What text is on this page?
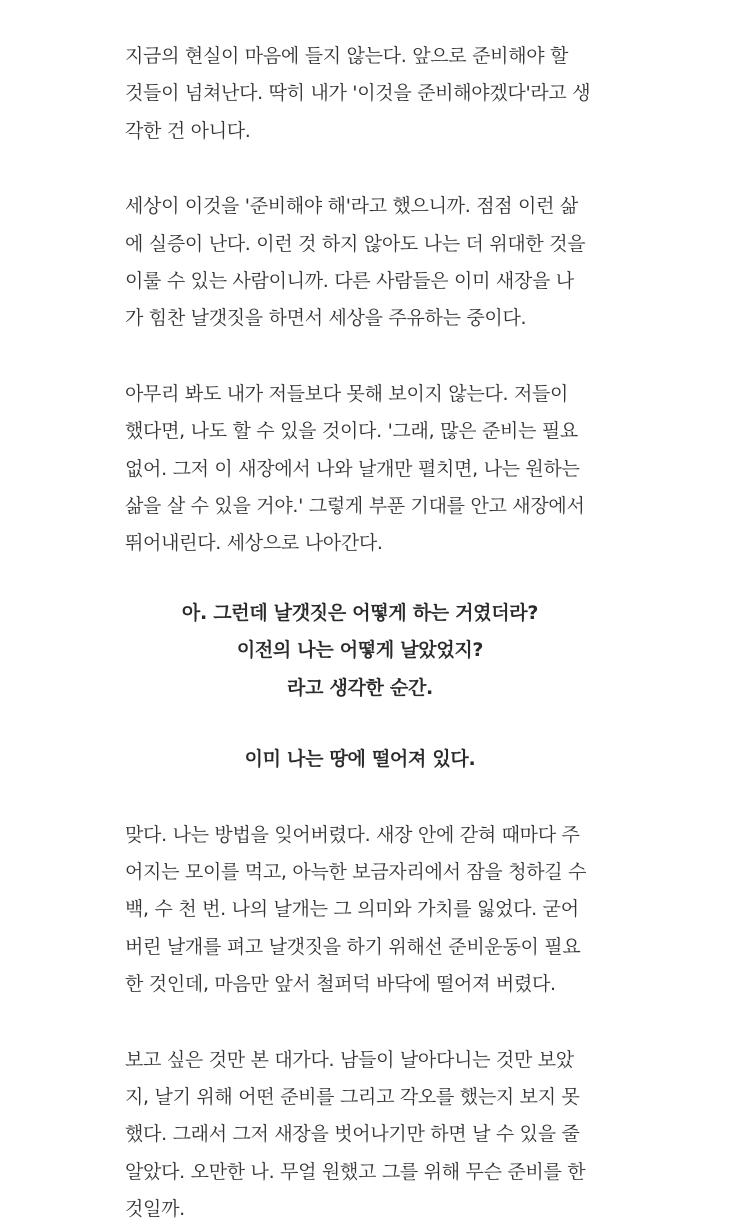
지금의 현실이 마음에 들지 않는다. 앞으로 준비해야 할
것들이 넘쳐난다. 딱히 내가 '이것을 준비해야겠다'라고 생
각한 건 아니다.
세상이 이것을 '준비해야 해'라고 했으니까. 점점 이런 삶
에 실증이 난다. 이런 것 하지 않아도 나는 더 위대한 것을
이룰 수 있는 사람이니까. 다른 사람들은 이미 새장을 나
가 힘찬 날갯짓을 하면서 세상을 주유하는 중이다.
아무리 봐도 내가 저들보다 못해 보이지 않는다. 저들이
했다면, 나도 할 수 있을 것이다. '그래, 많은 준비는 필요
없어. 그저 이 새장에서 나와 날개만 펼치면, 나는 원하는
삶을 살 수 있을 거야.' 그렇게 부푼 기대를 안고 새장에서
뛰어내린다. 세상으로 나아간다.
아. 그런데 날갯짓은 어떻게 하는 거였더라?
이전의 나는 어떻게 날았었지?
라고 생각한 순간.
이미 나는 땅에 떨어져 있다.
맞다. 나는 방법을 잊어버렸다. 새장 안에 갇혀 때마다 주
어지는 모이를 먹고, 아늑한 보금자리에서 잠을 청하길 수
백, 수 천 번. 나의 날개는 그 의미와 가치를 잃었다. 굳어
버린 날개를 펴고 날갯짓을 하기 위해선 준비운동이 필요
한 것인데, 마음만 앞서 철퍼덕 바닥에 떨어져 버렸다.
보고 싶은 것만 본 대가다. 남들이 날아다니는 것만 보았
지, 날기 위해 어떤 준비를 그리고 각오를 했는지 보지 못
했다. 그래서 그저 새장을 벗어나기만 하면 날 수 있을 줄
알았다. 오만한 나. 무얼 원했고 그를 위해 무슨 준비를 한
것일까.
